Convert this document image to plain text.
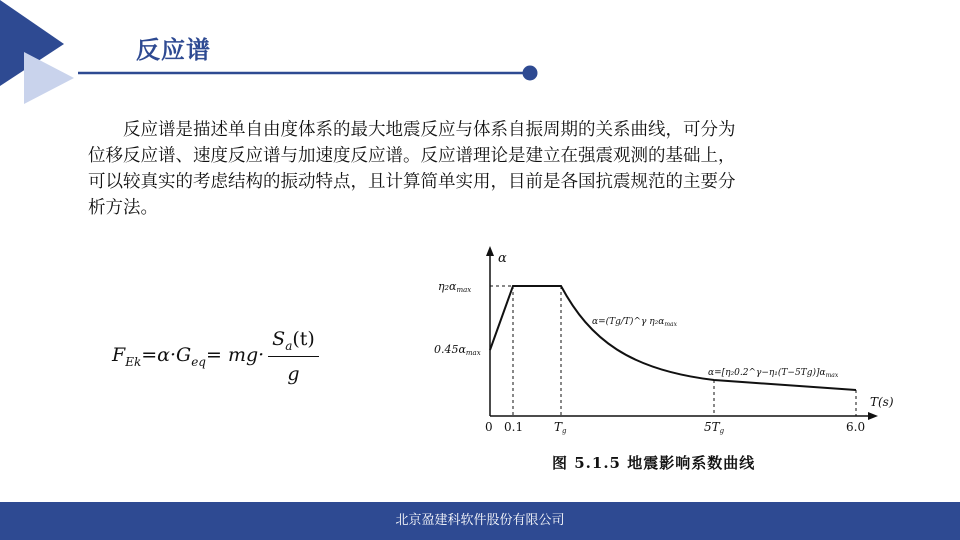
反应谱
反应谱是描述单自由度体系的最大地震反应与体系自振周期的关系曲线，可分为位移反应谱、速度反应谱与加速度反应谱。反应谱理论是建立在强震观测的基础上，可以较真实的考虑结构的振动特点，且计算简单实用，目前是各国抗震规范的主要分析方法。
$F_{Ek}=\alpha\cdot G_{eq}= mg\cdot$	
$S_a(t)$
g
α
T(s)
η₂αmax
0.45αmax
α=(Tg/T)^γ $\eta_2\alpha_{max}$
$\alpha=[\eta_20.2\^{}\gamma-\eta_1(T-5Tg)]\alpha_{max}$
0 0.1	Tg	5Tg	6.0
图 5.1.5 地震影响系数曲线
北京盈建科软件股份有限公司
